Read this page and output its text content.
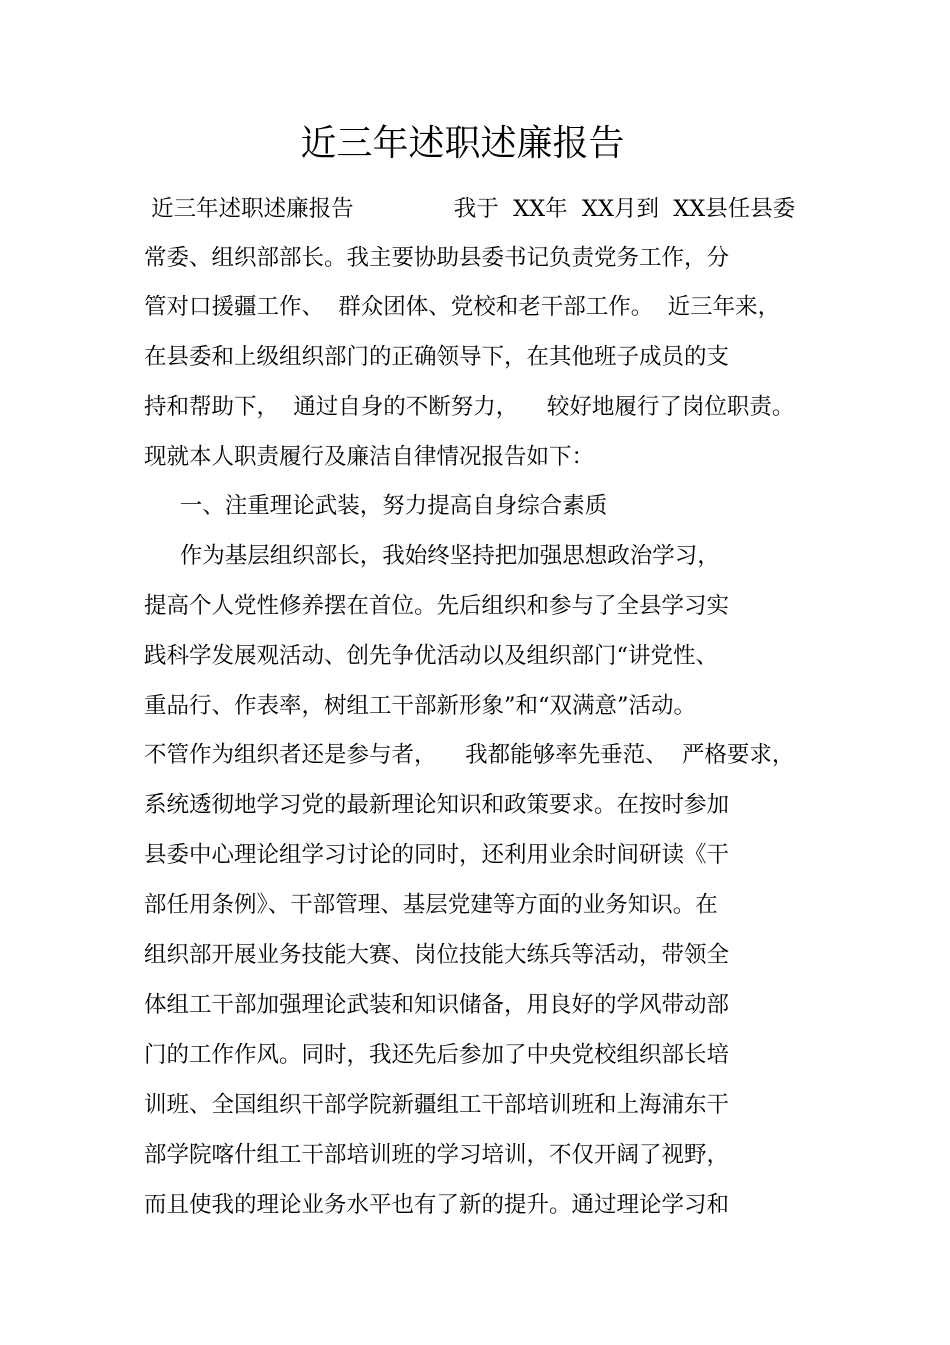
近三年述职述廉报告
近三年述职述廉报告              我于  XX年  XX月到  XX县任县委
常委、组织部部长。我主要协助县委书记负责党务工作，分
管对口援疆工作、  群众团体、党校和老干部工作。  近三年来，
在县委和上级组织部门的正确领导下，在其他班子成员的支
持和帮助下，  通过自身的不断努力，    较好地履行了岗位职责。
现就本人职责履行及廉洁自律情况报告如下：
一、注重理论武装，努力提高自身综合素质
作为基层组织部长，我始终坚持把加强思想政治学习，
提高个人党性修养摆在首位。先后组织和参与了全县学习实
践科学发展观活动、创先争优活动以及组织部门“讲党性、
重品行、作表率，树组工干部新形象”和“双满意”活动。
不管作为组织者还是参与者，    我都能够率先垂范、  严格要求，
系统透彻地学习党的最新理论知识和政策要求。在按时参加
县委中心理论组学习讨论的同时，还利用业余时间研读《干
部任用条例》、干部管理、基层党建等方面的业务知识。在
组织部开展业务技能大赛、岗位技能大练兵等活动，带领全
体组工干部加强理论武装和知识储备，用良好的学风带动部
门的工作作风。同时，我还先后参加了中央党校组织部长培
训班、全国组织干部学院新疆组工干部培训班和上海浦东干
部学院喀什组工干部培训班的学习培训，不仅开阔了视野，
而且使我的理论业务水平也有了新的提升。通过理论学习和
